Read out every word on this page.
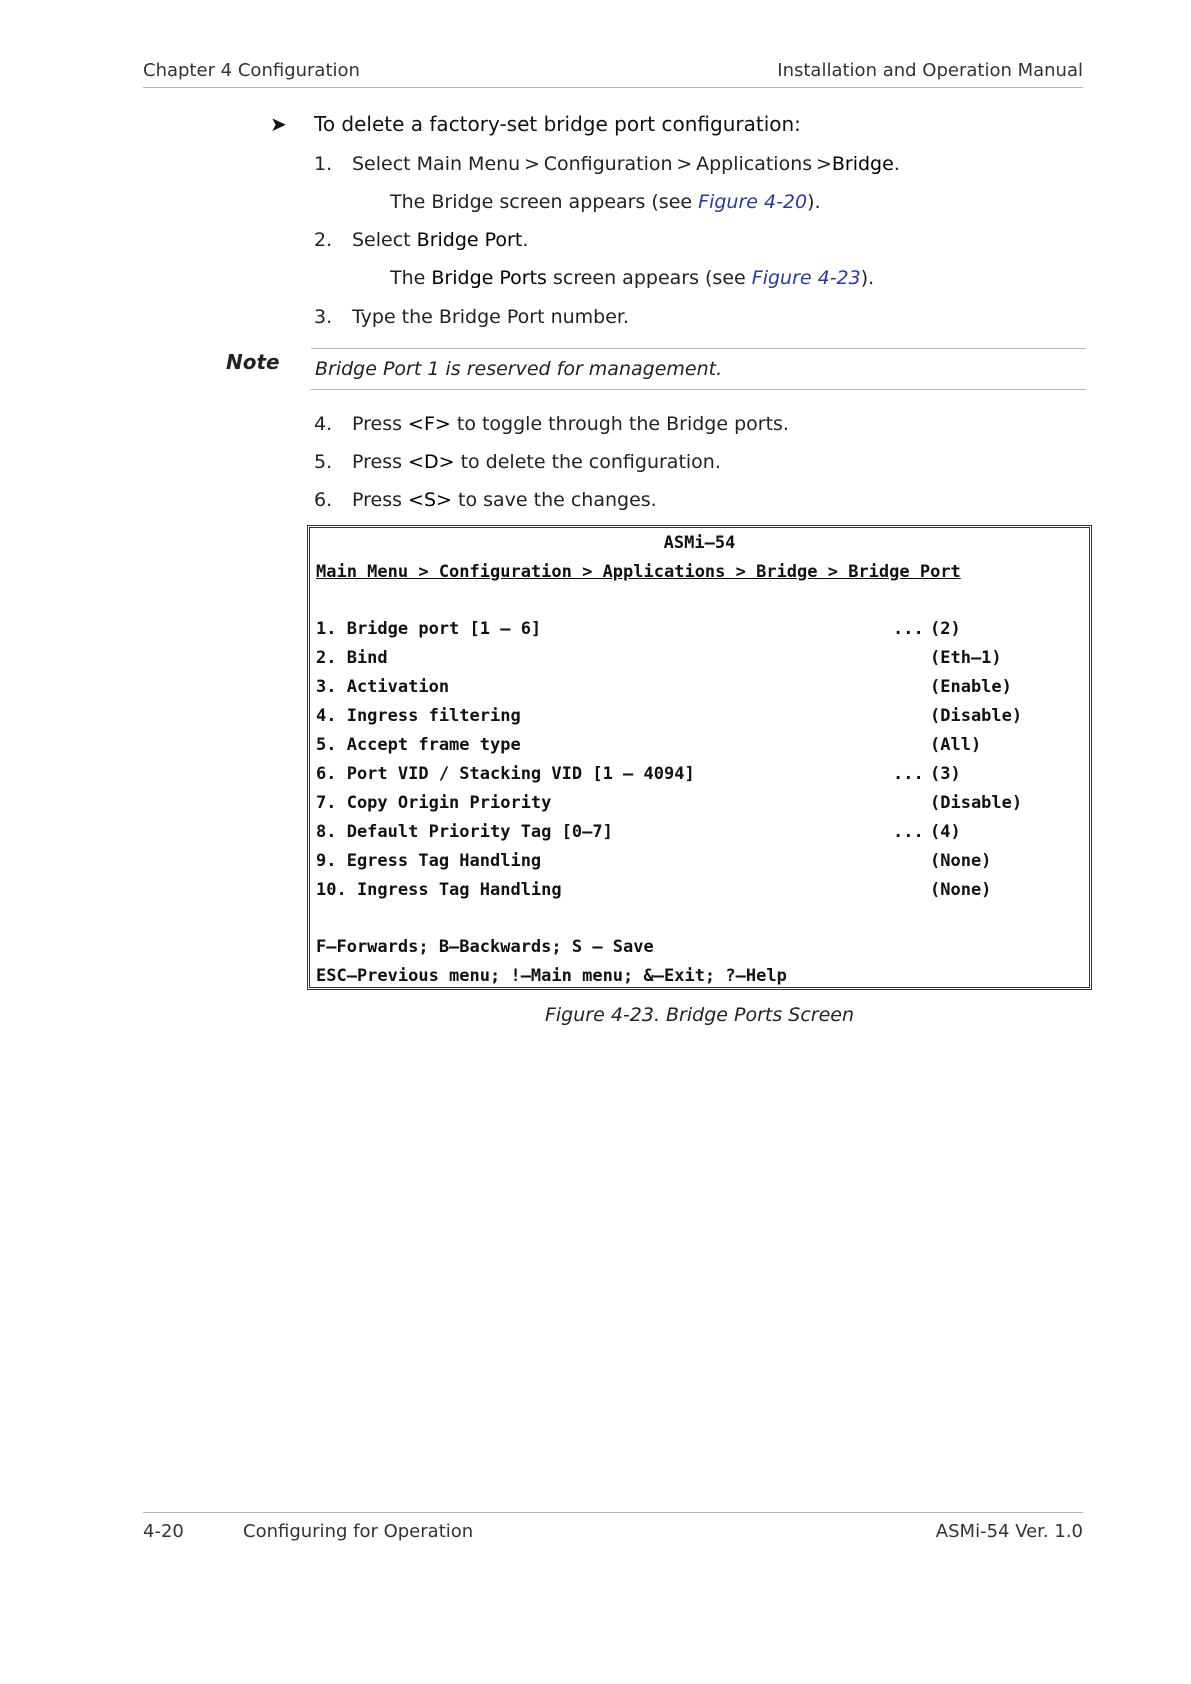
Chapter 4 Configuration	Installation and Operation Manual
➤	To delete a factory-set bridge port configuration:
1. Select Main Menu > Configuration > Applications >Bridge.
The Bridge screen appears (see Figure 4-20).
2. Select Bridge Port.
The Bridge Ports screen appears (see Figure 4-23).
3. Type the Bridge Port number.
Note Bridge Port 1 is reserved for management.
4. Press <F> to toggle through the Bridge ports.
5. Press <D> to delete the configuration.
6. Press <S> to save the changes.
ASMi–54
Main Menu > Configuration > Applications > Bridge > Bridge Port
1. Bridge port [1 – 6]	... (2)
2. Bind	(Eth–1)
3. Activation	(Enable)
4. Ingress filtering	(Disable)
5. Accept frame type	(All)
6. Port VID / Stacking VID [1 – 4094]	... (3)
7. Copy Origin Priority	(Disable)
8. Default Priority Tag [0–7]	... (4)
9. Egress Tag Handling	(None)
10. Ingress Tag Handling	(None)
F–Forwards; B–Backwards; S – Save
ESC–Previous menu; !–Main menu; &–Exit; ?–Help
Figure 4-23. Bridge Ports Screen
4-20	Configuring for Operation	ASMi-54 Ver. 1.0
